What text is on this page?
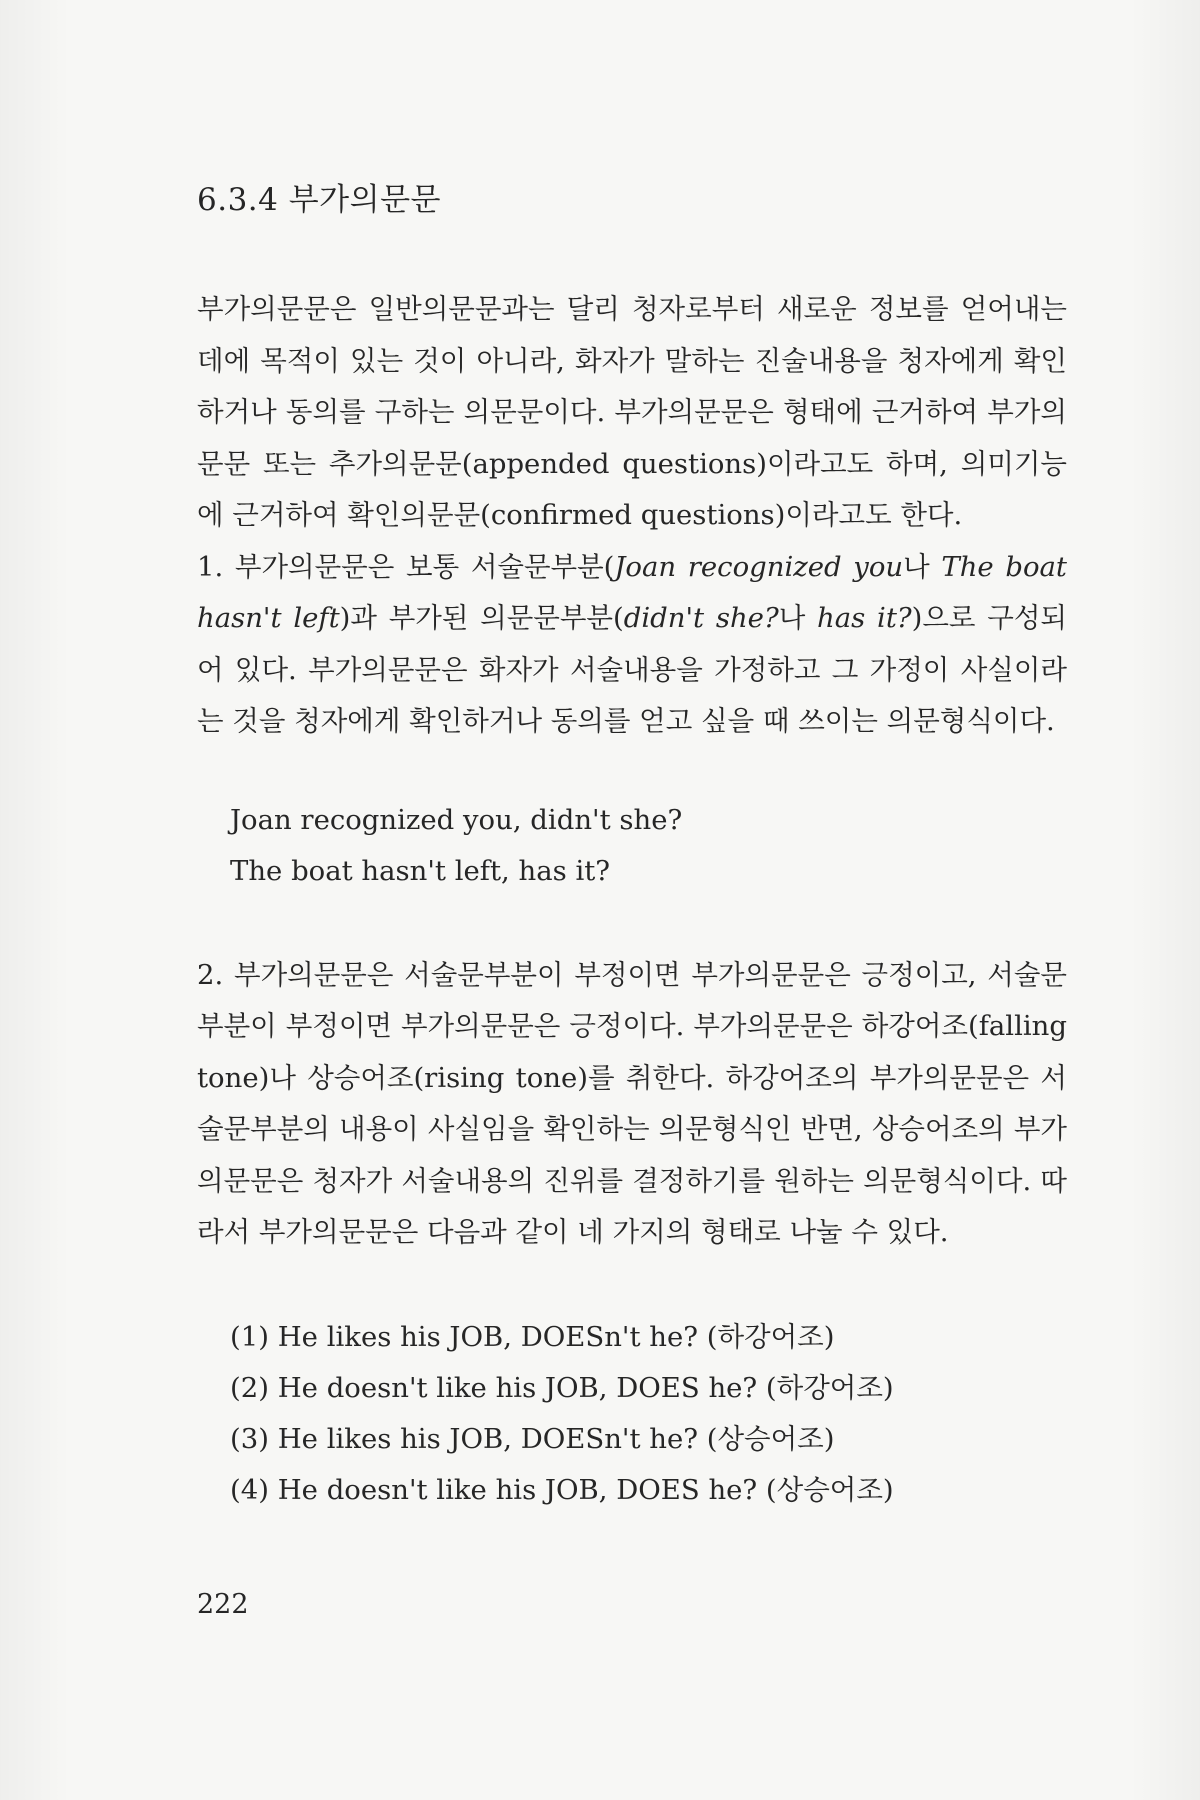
6.3.4 부가의문문

부가의문문은 일반의문문과는 달리 청자로부터 새로운 정보를 얻어내는 데에 목적이 있는 것이 아니라, 화자가 말하는 진술내용을 청자에게 확인하거나 동의를 구하는 의문문이다. 부가의문문은 형태에 근거하여 부가의문문 또는 추가의문문(appended questions)이라고도 하며, 의미기능에 근거하여 확인의문문(confirmed questions)이라고도 한다.

1. 부가의문문은 보통 서술문부분(Joan recognized you나 The boat hasn't left)과 부가된 의문문부분(didn't she?나 has it?)으로 구성되어 있다. 부가의문문은 화자가 서술내용을 가정하고 그 가정이 사실이라는 것을 청자에게 확인하거나 동의를 얻고 싶을 때 쓰이는 의문형식이다.

Joan recognized you, didn't she?
The boat hasn't left, has it?

2. 부가의문문은 서술문부분이 부정이면 부가의문문은 긍정이고, 서술문부분이 부정이면 부가의문문은 긍정이다. 부가의문문은 하강어조(falling tone)나 상승어조(rising tone)를 취한다. 하강어조의 부가의문문은 서술문부분의 내용이 사실임을 확인하는 의문형식인 반면, 상승어조의 부가의문문은 청자가 서술내용의 진위를 결정하기를 원하는 의문형식이다. 따라서 부가의문문은 다음과 같이 네 가지의 형태로 나눌 수 있다.

(1) He likes his JOB, DOESn't he? (하강어조)
(2) He doesn't like his JOB, DOES he? (하강어조)
(3) He likes his JOB, DOESn't he? (상승어조)
(4) He doesn't like his JOB, DOES he? (상승어조)
222
